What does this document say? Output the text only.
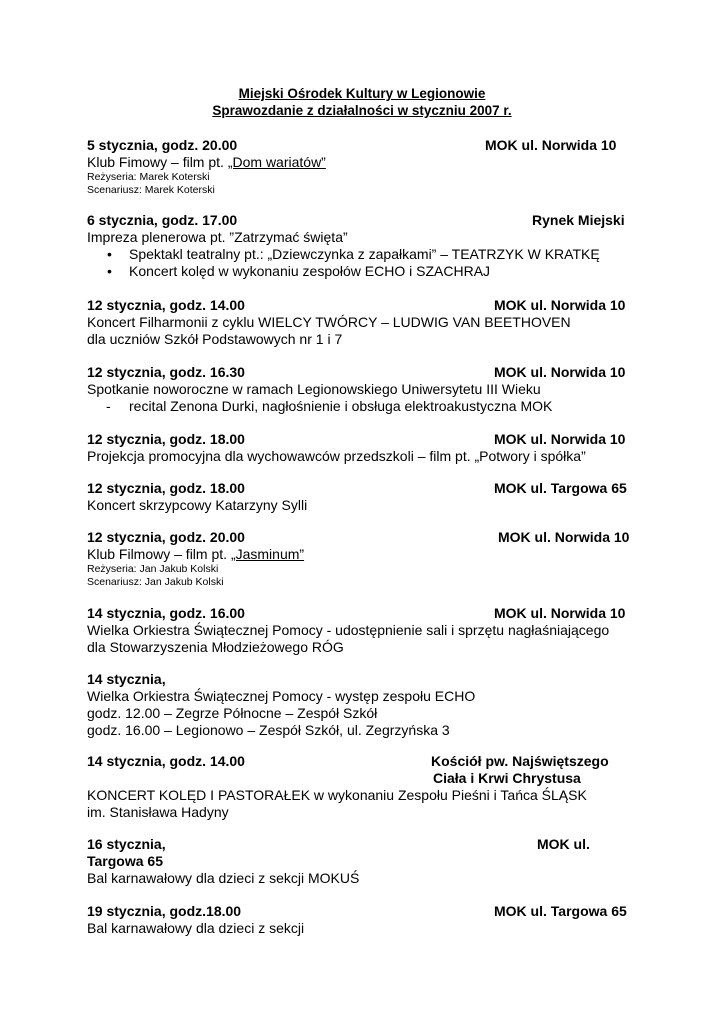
Miejski Ośrodek Kultury w Legionowie
Sprawozdanie z działalności w styczniu 2007 r.
5 stycznia, godz. 20.00	MOK ul. Norwida 10
Klub Fimowy – film pt. „Dom wariatów”
Reżyseria: Marek Koterski
Scenariusz: Marek Koterski
6 stycznia, godz. 17.00	Rynek Miejski
Impreza plenerowa pt. ”Zatrzymać święta”
• Spektakl teatralny pt.: „Dziewczynka z zapałkami” – TEATRZYK W KRATKĘ
• Koncert kolęd w wykonaniu zespołów ECHO i SZACHRAJ
12 stycznia, godz. 14.00	MOK ul. Norwida 10
Koncert Filharmonii z cyklu WIELCY TWÓRCY – LUDWIG VAN BEETHOVEN
dla uczniów Szkół Podstawowych nr 1 i 7
12 stycznia, godz. 16.30	MOK ul. Norwida 10
Spotkanie noworoczne w ramach Legionowskiego Uniwersytetu III Wieku
- recital Zenona Durki, nagłośnienie i obsługa elektroakustyczna MOK
12 stycznia, godz. 18.00	MOK ul. Norwida 10
Projekcja promocyjna dla wychowawców przedszkoli – film pt. „Potwory i spółka”
12 stycznia, godz. 18.00	MOK ul. Targowa 65
Koncert skrzypcowy Katarzyny Sylli
12 stycznia, godz. 20.00	MOK ul. Norwida 10
Klub Filmowy – film pt. „Jasminum”
Reżyseria: Jan Jakub Kolski
Scenariusz: Jan Jakub Kolski
14 stycznia, godz. 16.00	MOK ul. Norwida 10
Wielka Orkiestra Świątecznej Pomocy - udostępnienie sali i sprzętu nagłaśniającego
dla Stowarzyszenia Młodzieżowego RÓG
14 stycznia,
Wielka Orkiestra Świątecznej Pomocy - występ zespołu ECHO
godz. 12.00 – Zegrze Północne – Zespół Szkół
godz. 16.00 – Legionowo – Zespół Szkół, ul. Zegrzyńska 3
14 stycznia, godz. 14.00	Kościół pw. Najświętszego
Ciała i Krwi Chrystusa
KONCERT KOLĘD I PASTORAŁEK w wykonaniu Zespołu Pieśni i Tańca ŚLĄSK
im. Stanisława Hadyny
16 stycznia,	MOK ul.
Targowa 65
Bal karnawałowy dla dzieci z sekcji MOKUŚ
19 stycznia, godz.18.00	MOK ul. Targowa 65
Bal karnawałowy dla dzieci z sekcji
